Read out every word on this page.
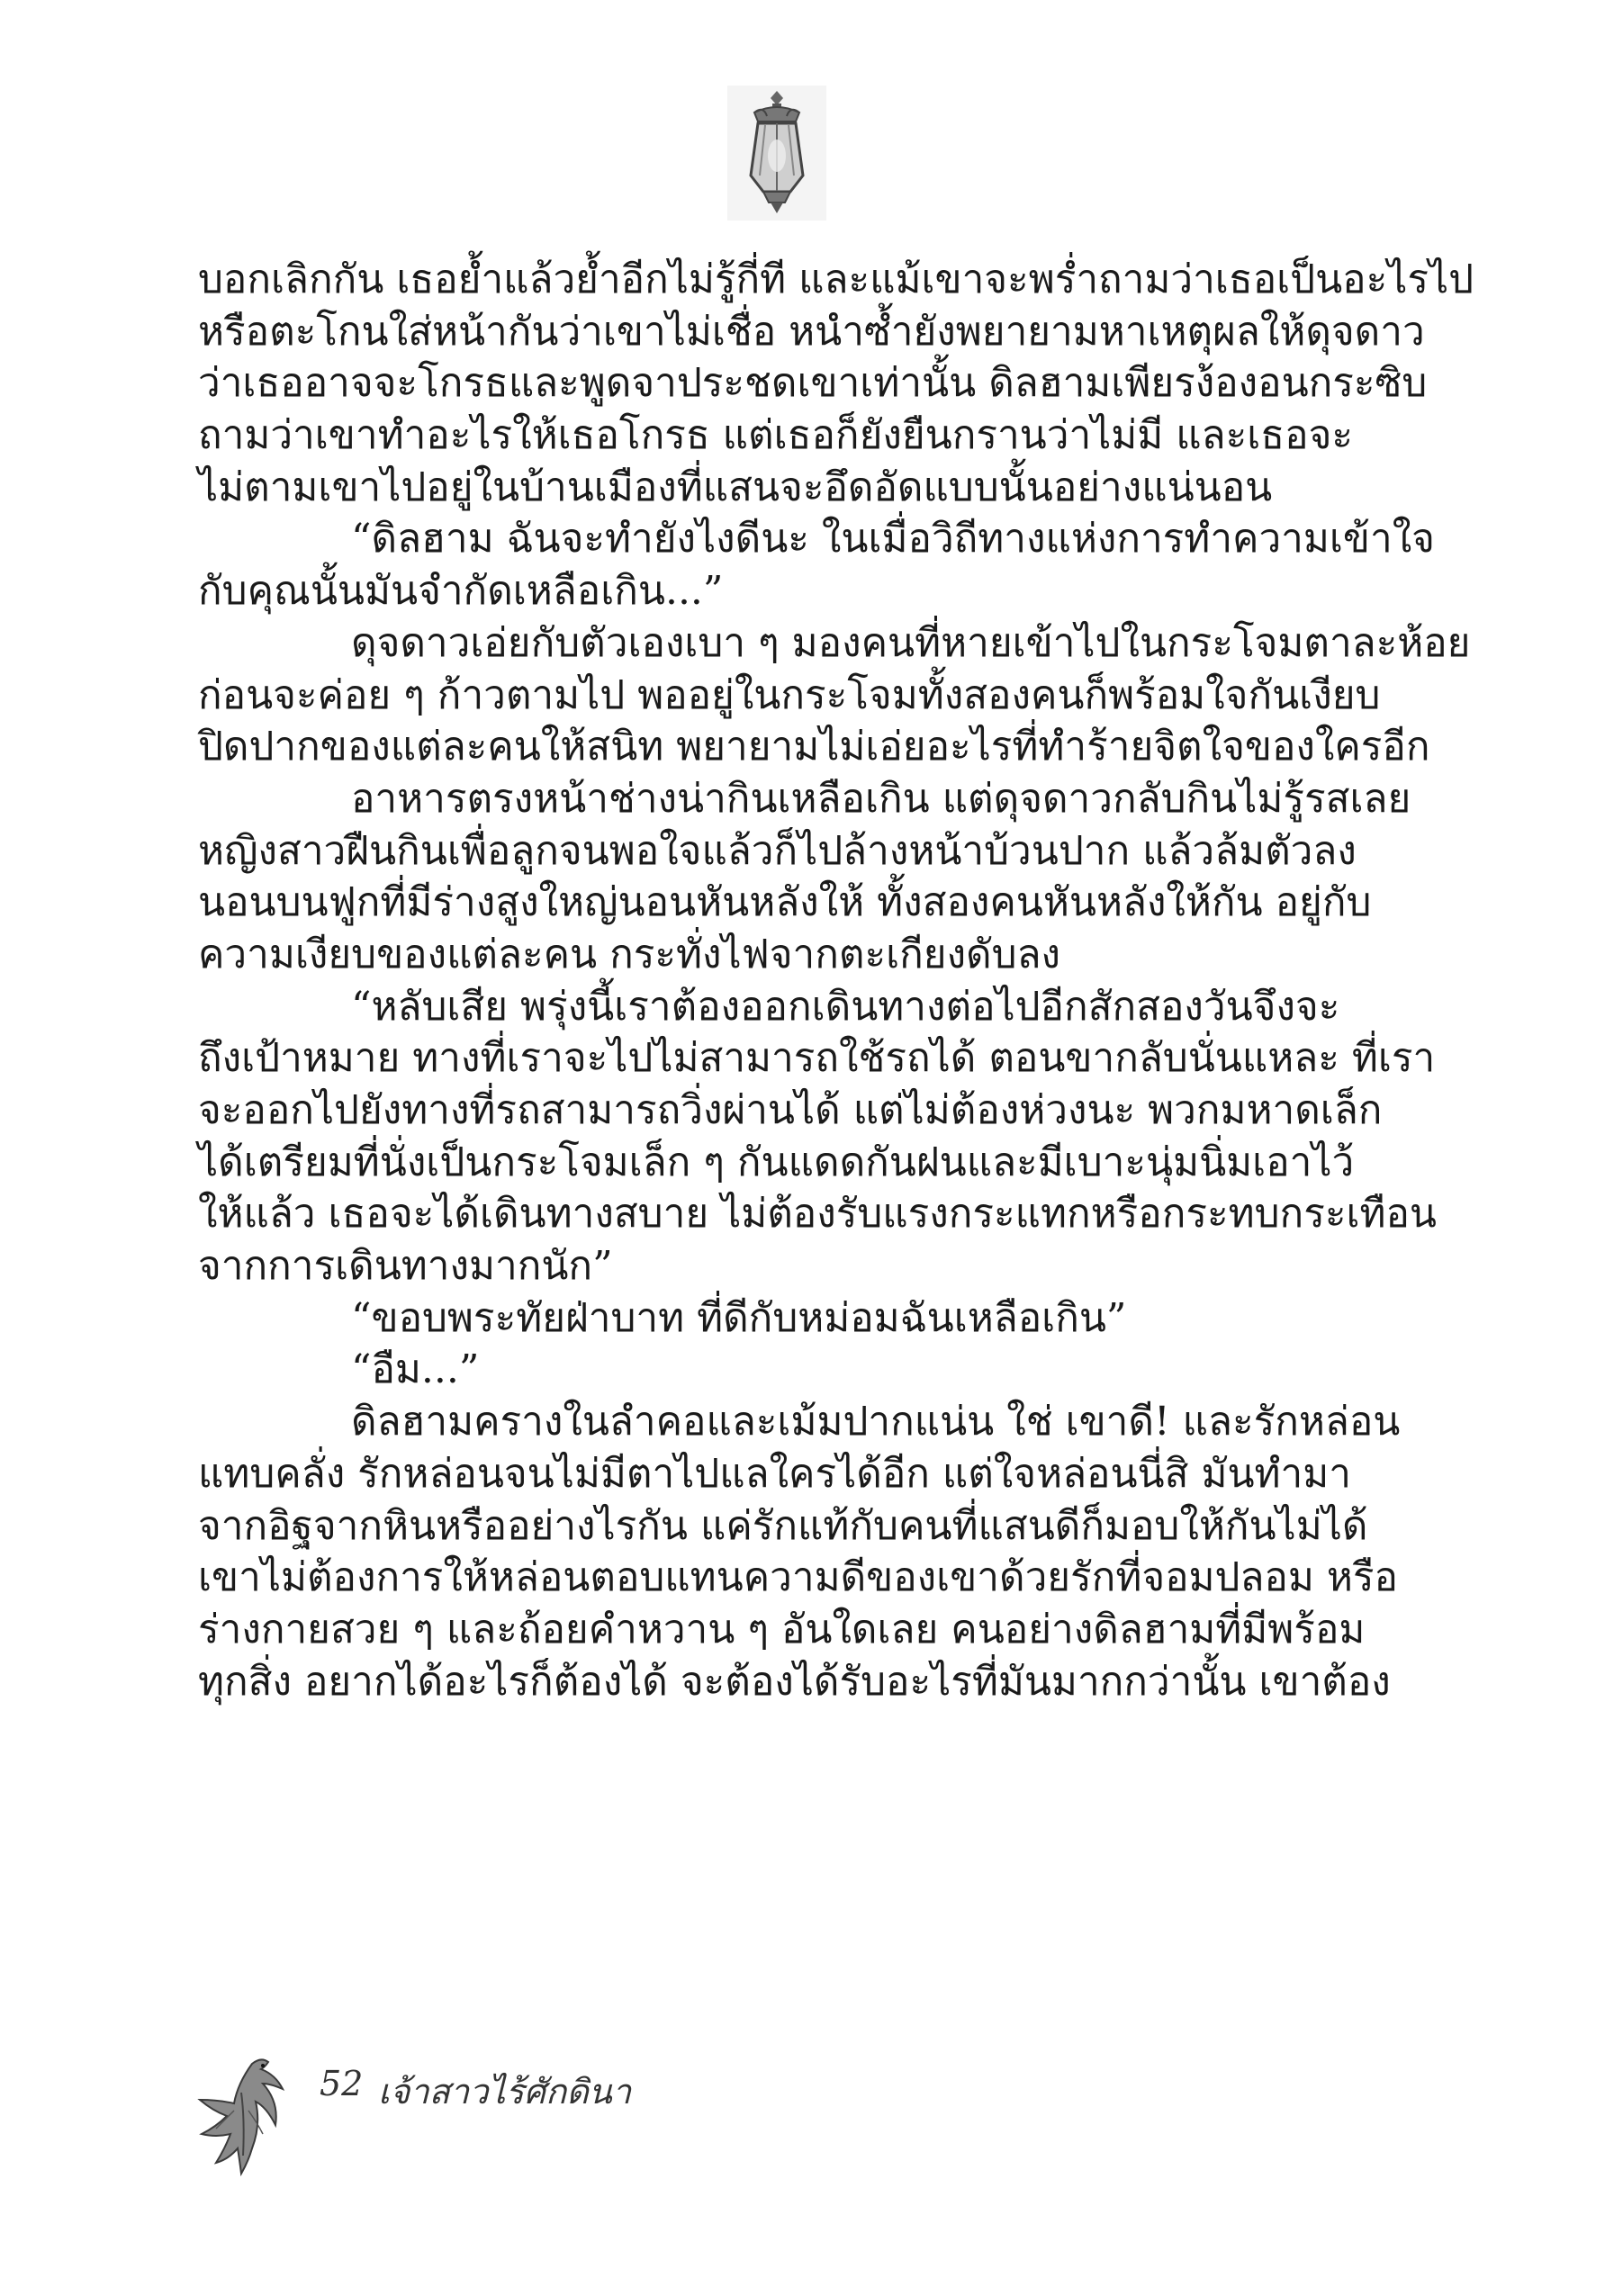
บอกเลิกกัน เธอย้ำแล้วย้ำอีกไม่รู้กี่ที และแม้เขาจะพร่ำถามว่าเธอเป็นอะไรไป
หรือตะโกนใส่หน้ากันว่าเขาไม่เชื่อ หนำซ้ำยังพยายามหาเหตุผลให้ดุจดาว
ว่าเธออาจจะโกรธและพูดจาประชดเขาเท่านั้น ดิลฮามเพียรง้องอนกระซิบ
ถามว่าเขาทำอะไรให้เธอโกรธ แต่เธอก็ยังยืนกรานว่าไม่มี และเธอจะ
ไม่ตามเขาไปอยู่ในบ้านเมืองที่แสนจะอึดอัดแบบนั้นอย่างแน่นอน
“ดิลฮาม ฉันจะทำยังไงดีนะ ในเมื่อวิถีทางแห่งการทำความเข้าใจ
กับคุณนั้นมันจำกัดเหลือเกิน...”
ดุจดาวเอ่ยกับตัวเองเบา ๆ มองคนที่หายเข้าไปในกระโจมตาละห้อย
ก่อนจะค่อย ๆ ก้าวตามไป พออยู่ในกระโจมทั้งสองคนก็พร้อมใจกันเงียบ
ปิดปากของแต่ละคนให้สนิท พยายามไม่เอ่ยอะไรที่ทำร้ายจิตใจของใครอีก
อาหารตรงหน้าช่างน่ากินเหลือเกิน แต่ดุจดาวกลับกินไม่รู้รสเลย
หญิงสาวฝืนกินเพื่อลูกจนพอใจแล้วก็ไปล้างหน้าบ้วนปาก แล้วล้มตัวลง
นอนบนฟูกที่มีร่างสูงใหญ่นอนหันหลังให้ ทั้งสองคนหันหลังให้กัน อยู่กับ
ความเงียบของแต่ละคน กระทั่งไฟจากตะเกียงดับลง
“หลับเสีย พรุ่งนี้เราต้องออกเดินทางต่อไปอีกสักสองวันจึงจะ
ถึงเป้าหมาย ทางที่เราจะไปไม่สามารถใช้รถได้ ตอนขากลับนั่นแหละ ที่เรา
จะออกไปยังทางที่รถสามารถวิ่งผ่านได้ แต่ไม่ต้องห่วงนะ พวกมหาดเล็ก
ได้เตรียมที่นั่งเป็นกระโจมเล็ก ๆ กันแดดกันฝนและมีเบาะนุ่มนิ่มเอาไว้
ให้แล้ว เธอจะได้เดินทางสบาย ไม่ต้องรับแรงกระแทกหรือกระทบกระเทือน
จากการเดินทางมากนัก”
“ขอบพระทัยฝ่าบาท ที่ดีกับหม่อมฉันเหลือเกิน”
“อืม...”
ดิลฮามครางในลำคอและเม้มปากแน่น ใช่ เขาดี! และรักหล่อน
แทบคลั่ง รักหล่อนจนไม่มีตาไปแลใครได้อีก แต่ใจหล่อนนี่สิ มันทำมา
จากอิฐจากหินหรืออย่างไรกัน แค่รักแท้กับคนที่แสนดีก็มอบให้กันไม่ได้
เขาไม่ต้องการให้หล่อนตอบแทนความดีของเขาด้วยรักที่จอมปลอม หรือ
ร่างกายสวย ๆ และถ้อยคำหวาน ๆ อันใดเลย คนอย่างดิลฮามที่มีพร้อม
ทุกสิ่ง อยากได้อะไรก็ต้องได้ จะต้องได้รับอะไรที่มันมากกว่านั้น เขาต้อง
52 เจ้าสาวไร้ศักดินา
